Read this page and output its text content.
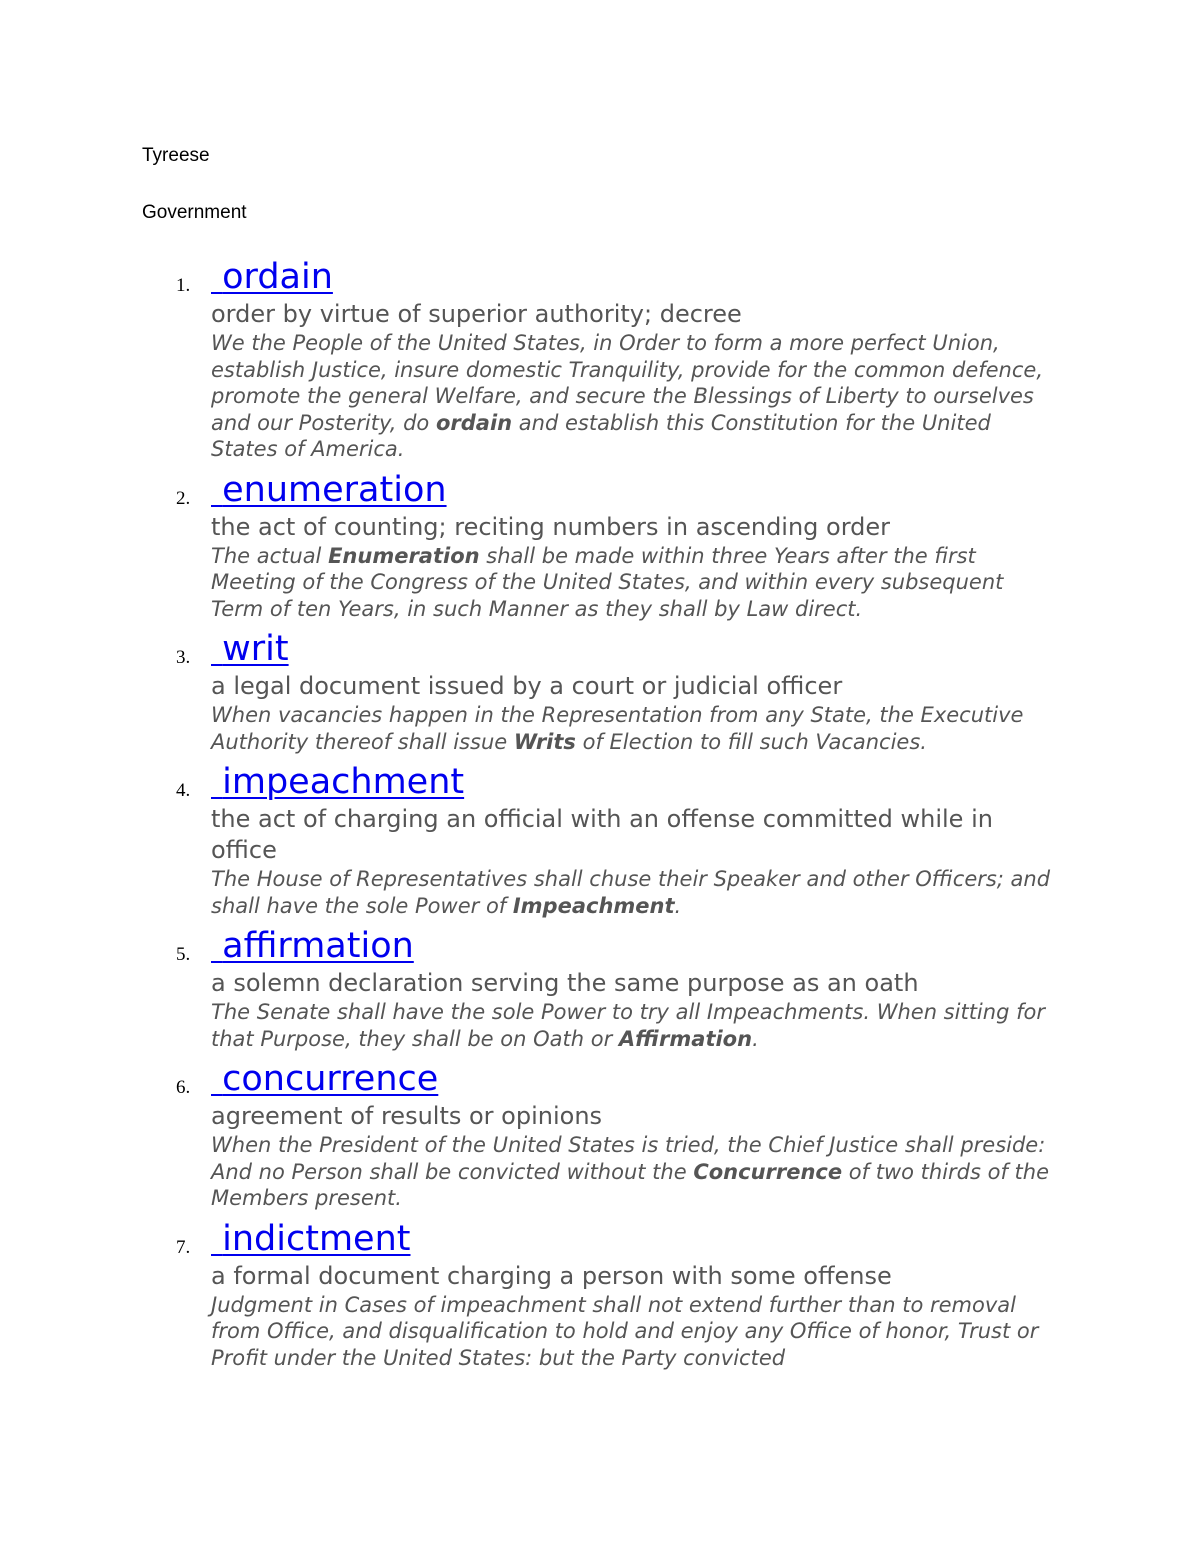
Tyreese
Government
1. ordain
order by virtue of superior authority; decree
We the People of the United States, in Order to form a more perfect Union, establish Justice, insure domestic Tranquility, provide for the common defence, promote the general Welfare, and secure the Blessings of Liberty to ourselves and our Posterity, do ordain and establish this Constitution for the United States of America.
2. enumeration
the act of counting; reciting numbers in ascending order
The actual Enumeration shall be made within three Years after the first Meeting of the Congress of the United States, and within every subsequent Term of ten Years, in such Manner as they shall by Law direct.
3. writ
a legal document issued by a court or judicial officer
When vacancies happen in the Representation from any State, the Executive Authority thereof shall issue Writs of Election to fill such Vacancies.
4. impeachment
the act of charging an official with an offense committed while in office
The House of Representatives shall chuse their Speaker and other Officers; and shall have the sole Power of Impeachment.
5. affirmation
a solemn declaration serving the same purpose as an oath
The Senate shall have the sole Power to try all Impeachments. When sitting for that Purpose, they shall be on Oath or Affirmation.
6. concurrence
agreement of results or opinions
When the President of the United States is tried, the Chief Justice shall preside: And no Person shall be convicted without the Concurrence of two thirds of the Members present.
7. indictment
a formal document charging a person with some offense
Judgment in Cases of impeachment shall not extend further than to removal from Office, and disqualification to hold and enjoy any Office of honor, Trust or Profit under the United States: but the Party convicted
